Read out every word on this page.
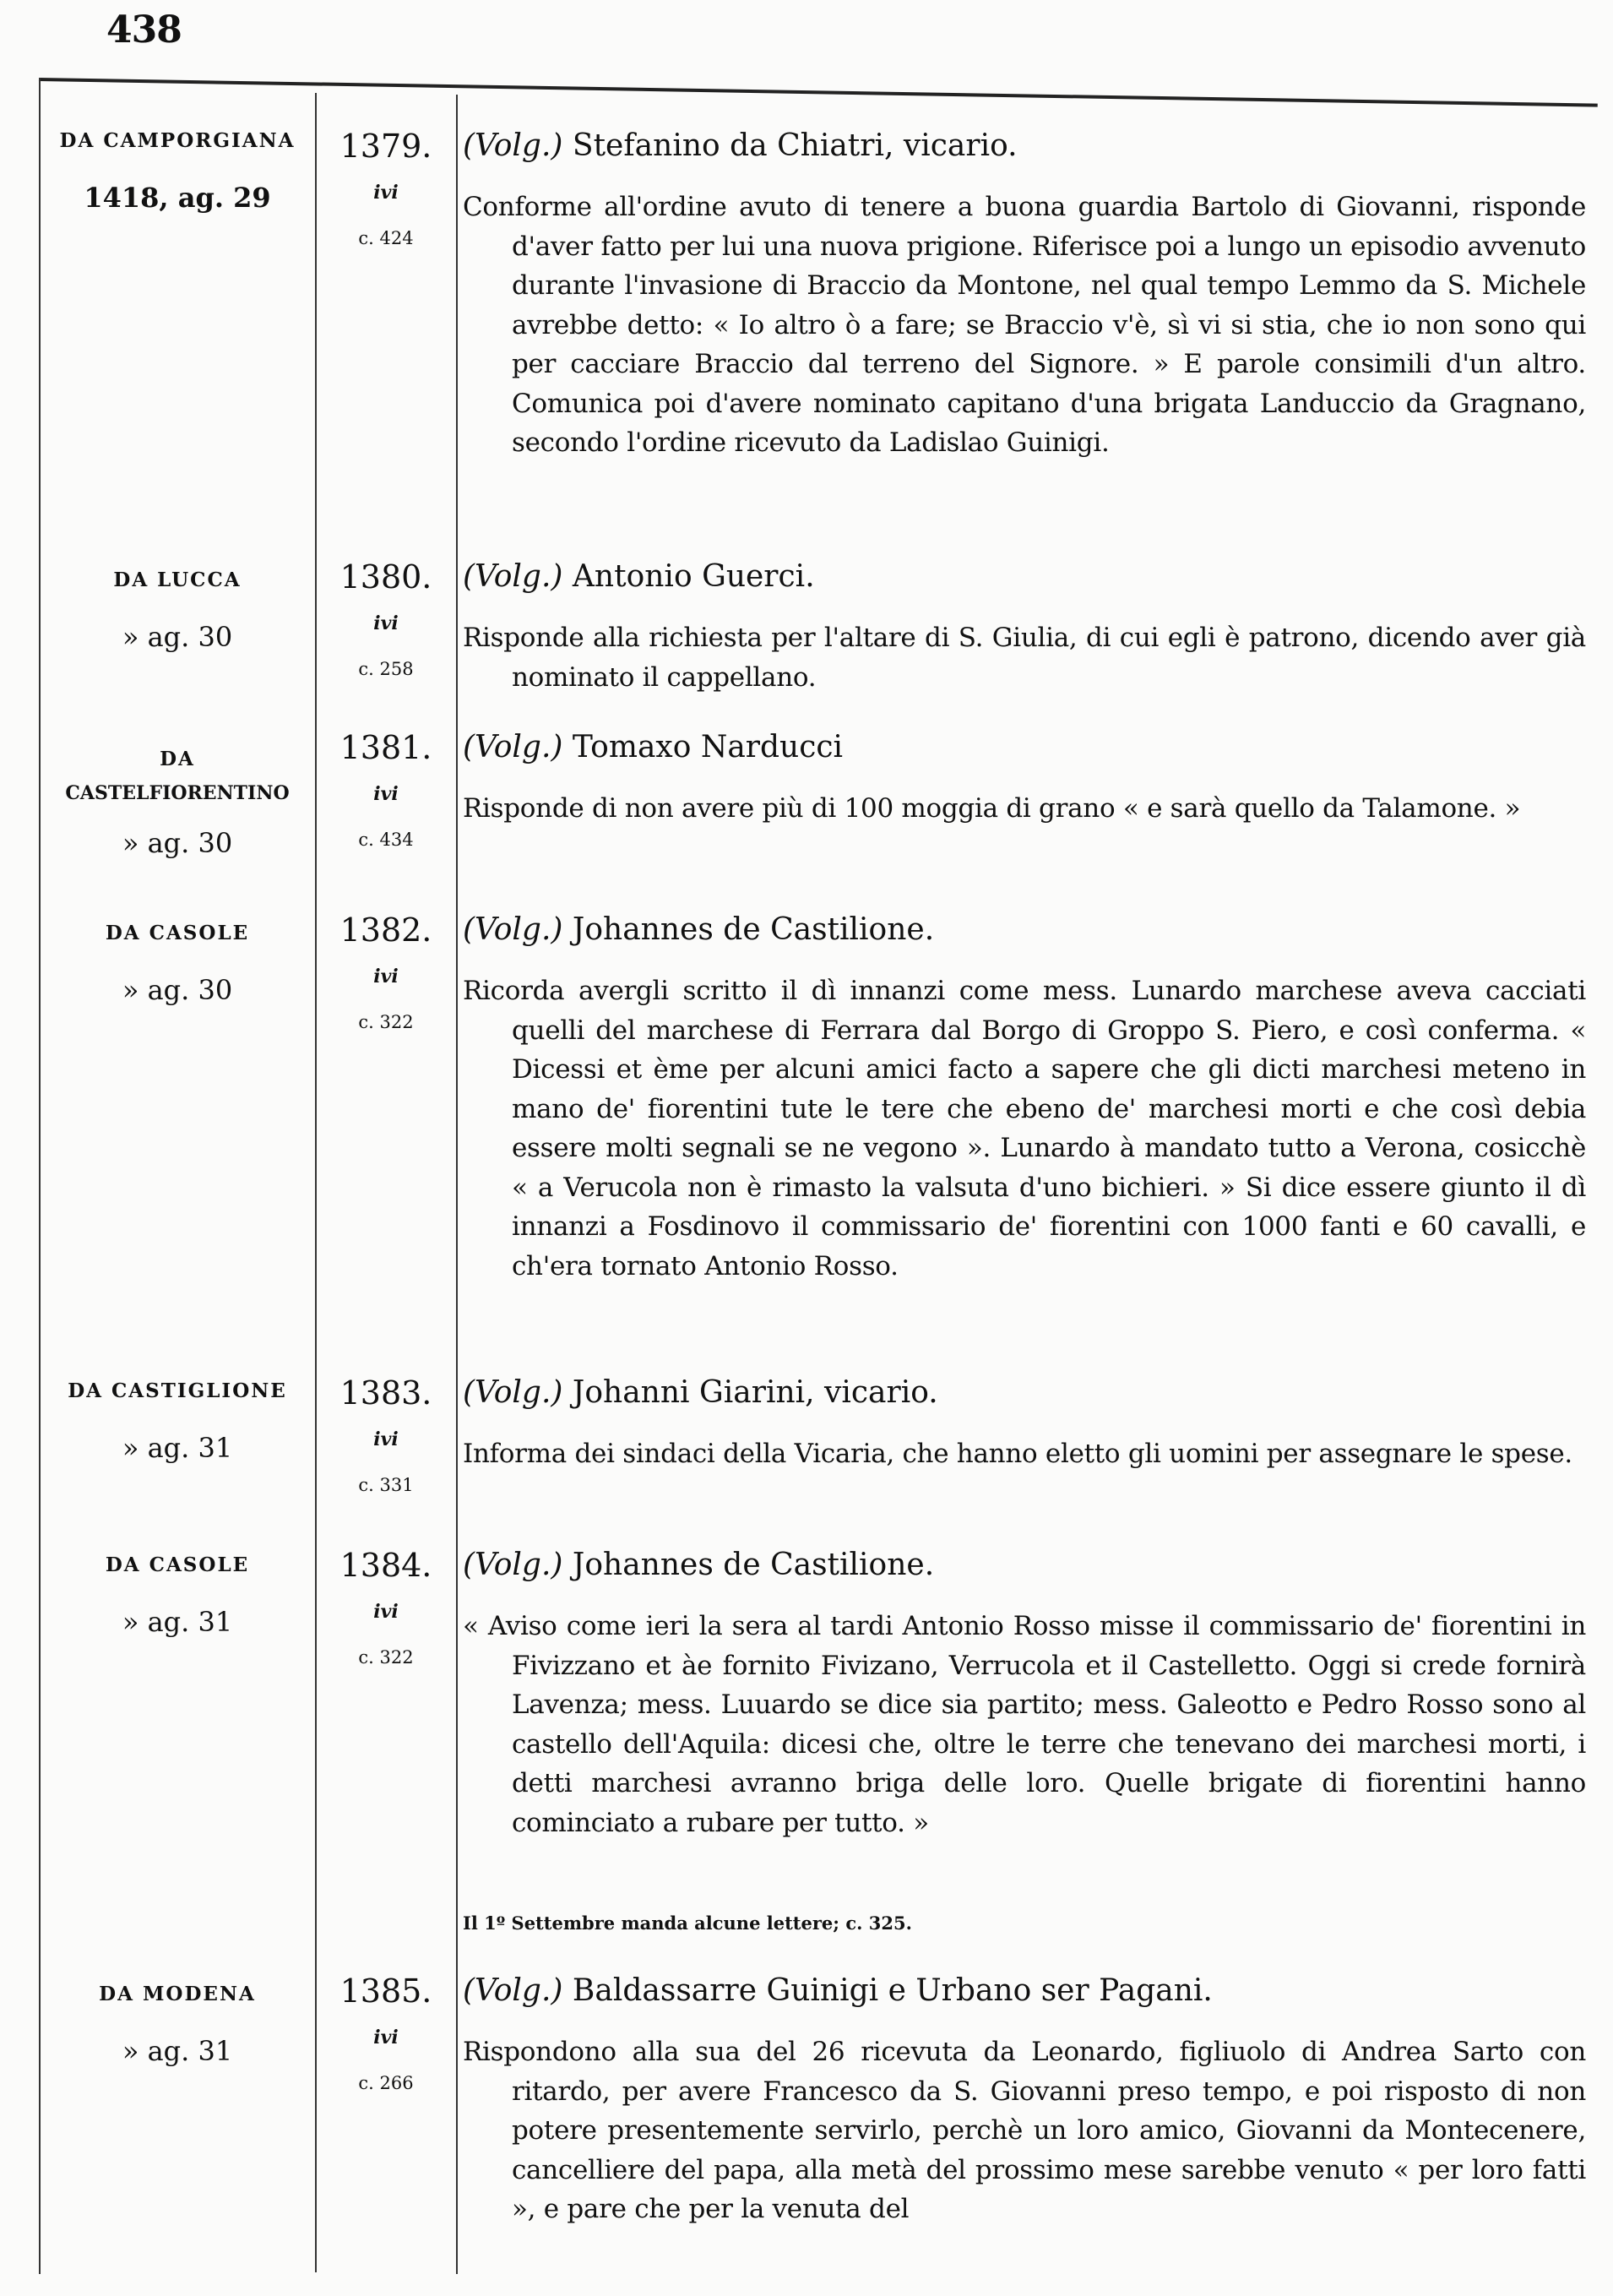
438
DA CAMPORGIANA
1418, ag. 29
1379.
ivi
c. 424
(Volg.) Stefanino da Chiatri, vicario.
Conforme all'ordine avuto di tenere a buona guardia Bartolo di Giovanni, risponde d'aver fatto per lui una nuova prigione. Riferisce poi a lungo un episodio avvenuto durante l'invasione di Braccio da Montone, nel qual tempo Lemmo da S. Michele avrebbe detto: « Io altro ò a fare; se Braccio v'è, sì vi si stia, che io non sono qui per cacciare Braccio dal terreno del Signore. » E parole consimili d'un altro. Comunica poi d'avere nominato capitano d'una brigata Landuccio da Gragnano, secondo l'ordine ricevuto da Ladislao Guinigi.
DA LUCCA
» ag. 30
1380.
ivi
c. 258
(Volg.) Antonio Guerci.
Risponde alla richiesta per l'altare di S. Giulia, di cui egli è patrono, dicendo aver già nominato il cappellano.
DA
CASTELFIORENTINO
» ag. 30
1381.
ivi
c. 434
(Volg.) Tomaxo Narducci
Risponde di non avere più di 100 moggia di grano « e sarà quello da Talamone. »
DA CASOLE
» ag. 30
1382.
ivi
c. 322
(Volg.) Johannes de Castilione.
Ricorda avergli scritto il dì innanzi come mess. Lunardo marchese aveva cacciati quelli del marchese di Ferrara dal Borgo di Groppo S. Piero, e così conferma. « Dicessi et ème per alcuni amici facto a sapere che gli dicti marchesi meteno in mano de' fiorentini tute le tere che ebeno de' marchesi morti e che così debia essere molti segnali se ne vegono ». Lunardo à mandato tutto a Verona, cosicchè « a Verucola non è rimasto la valsuta d'uno bichieri. » Si dice essere giunto il dì innanzi a Fosdinovo il commissario de' fiorentini con 1000 fanti e 60 cavalli, e ch'era tornato Antonio Rosso.
DA CASTIGLIONE
» ag. 31
1383.
ivi
c. 331
(Volg.) Johanni Giarini, vicario.
Informa dei sindaci della Vicaria, che hanno eletto gli uomini per assegnare le spese.
DA CASOLE
» ag. 31
1384.
ivi
c. 322
(Volg.) Johannes de Castilione.
« Aviso come ieri la sera al tardi Antonio Rosso misse il commissario de' fiorentini in Fivizzano et àe fornito Fivizano, Verrucola et il Castelletto. Oggi si crede fornirà Lavenza; mess. Luuardo se dice sia partito; mess. Galeotto e Pedro Rosso sono al castello dell'Aquila: dicesi che, oltre le terre che tenevano dei marchesi morti, i detti marchesi avranno briga delle loro. Quelle brigate di fiorentini hanno cominciato a rubare per tutto. »
Il 1º Settembre manda alcune lettere; c. 325.
DA MODENA
» ag. 31
1385.
ivi
c. 266
(Volg.) Baldassarre Guinigi e Urbano ser Pagani.
Rispondono alla sua del 26 ricevuta da Leonardo, figliuolo di Andrea Sarto con ritardo, per avere Francesco da S. Giovanni preso tempo, e poi risposto di non potere presentemente servirlo, perchè un loro amico, Giovanni da Montecenere, cancelliere del papa, alla metà del prossimo mese sarebbe venuto « per loro fatti », e pare che per la venuta del
